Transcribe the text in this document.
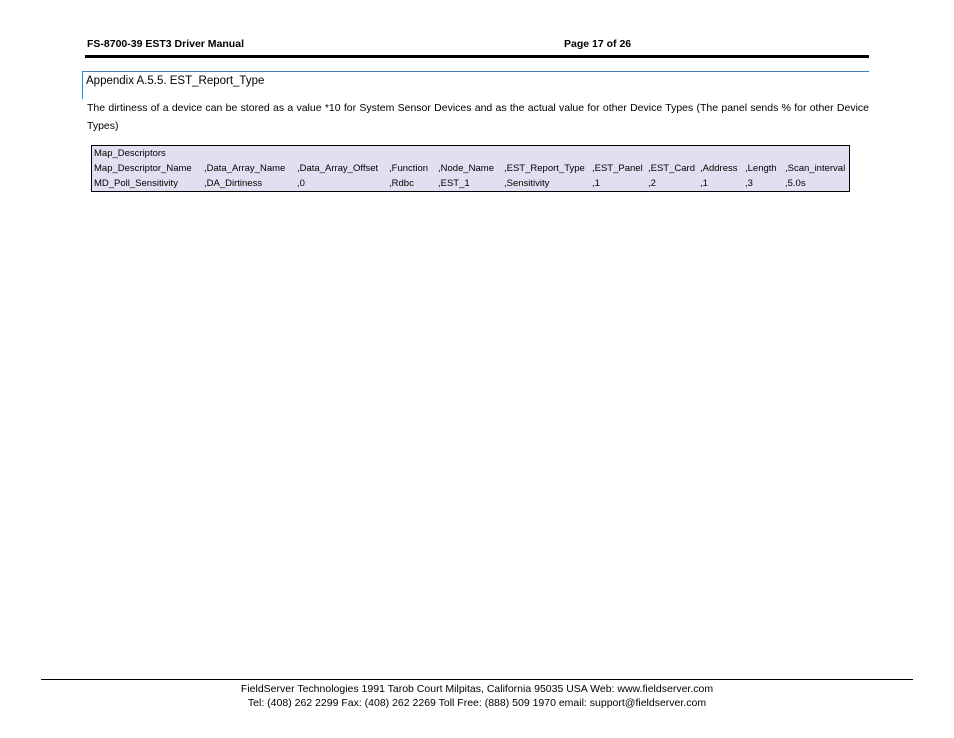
FS-8700-39 EST3 Driver Manual	Page 17 of 26
Appendix A.5.5. EST_Report_Type
The dirtiness of a device can be stored as a value *10 for System Sensor Devices and as the actual value for other Device Types (The panel sends % for other Device Types)
Map_Descriptors
Map_Descriptor_Name ,Data_Array_Name ,Data_Array_Offset ,Function ,Node_Name ,EST_Report_Type ,EST_Panel ,EST_Card ,Address ,Length ,Scan_interval
MD_Poll_Sensitivity	,DA_Dirtiness	,0	,Rdbc	,EST_1	,Sensitivity	,1	,2	,1	,3	,5.0s
FieldServer Technologies 1991 Tarob Court Milpitas, California 95035 USA Web: www.fieldserver.com
Tel: (408) 262 2299 Fax: (408) 262 2269 Toll Free: (888) 509 1970 email: support@fieldserver.com
